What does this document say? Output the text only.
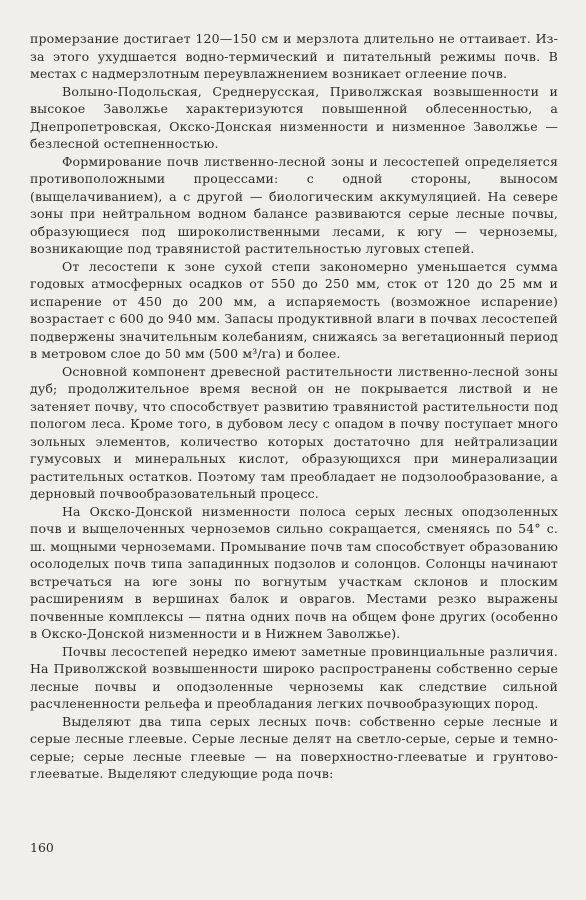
промерзание достигает 120—150 см и мерзлота длительно не оттаивает. Из-за этого ухудшается водно-термический и питательный режимы почв. В местах с надмерзлотным переувлажнением возникает оглеение почв.

Волыно-Подольская, Среднерусская, Приволжская возвышенности и высокое Заволжье характеризуются повышенной облесенностью, а Днепропетровская, Окско-Донская низменности и низменное Заволжье — безлесной остепненностью.

Формирование почв лиственно-лесной зоны и лесостепей определяется противоположными процессами: с одной стороны, выносом (выщелачиванием), а с другой — биологическим аккумуляцией. На севере зоны при нейтральном водном балансе развиваются серые лесные почвы, образующиеся под широколиственными лесами, к югу — черноземы, возникающие под травянистой растительностью луговых степей.

От лесостепи к зоне сухой степи закономерно уменьшается сумма годовых атмосферных осадков от 550 до 250 мм, сток от 120 до 25 мм и испарение от 450 до 200 мм, а испаряемость (возможное испарение) возрастает с 600 до 940 мм. Запасы продуктивной влаги в почвах лесостепей подвержены значительным колебаниям, снижаясь за вегетационный период в метровом слое до 50 мм (500 м³/га) и более.

Основной компонент древесной растительности лиственно-лесной зоны дуб; продолжительное время весной он не покрывается листвой и не затеняет почву, что способствует развитию травянистой растительности под пологом леса. Кроме того, в дубовом лесу с опадом в почву поступает много зольных элементов, количество которых достаточно для нейтрализации гумусовых и минеральных кислот, образующихся при минерализации растительных остатков. Поэтому там преобладает не подзолообразование, а дерновый почвообразовательный процесс.

На Окско-Донской низменности полоса серых лесных оподзоленных почв и выщелоченных черноземов сильно сокращается, сменяясь по 54° с. ш. мощными черноземами. Промывание почв там способствует образованию осолоделых почв типа западинных подзолов и солонцов. Солонцы начинают встречаться на юге зоны по вогнутым участкам склонов и плоским расширениям в вершинах балок и оврагов. Местами резко выражены почвенные комплексы — пятна одних почв на общем фоне других (особенно в Окско-Донской низменности и в Нижнем Заволжье).

Почвы лесостепей нередко имеют заметные провинциальные различия. На Приволжской возвышенности широко распространены собственно серые лесные почвы и оподзоленные черноземы как следствие сильной расчлененности рельефа и преобладания легких почвообразующих пород.

Выделяют два типа серых лесных почв: собственно серые лесные и серые лесные глеевые. Серые лесные делят на светло-серые, серые и темно-серые; серые лесные глеевые — на поверхностно-глееватые и грунтово-глееватые. Выделяют следующие рода почв:

160
